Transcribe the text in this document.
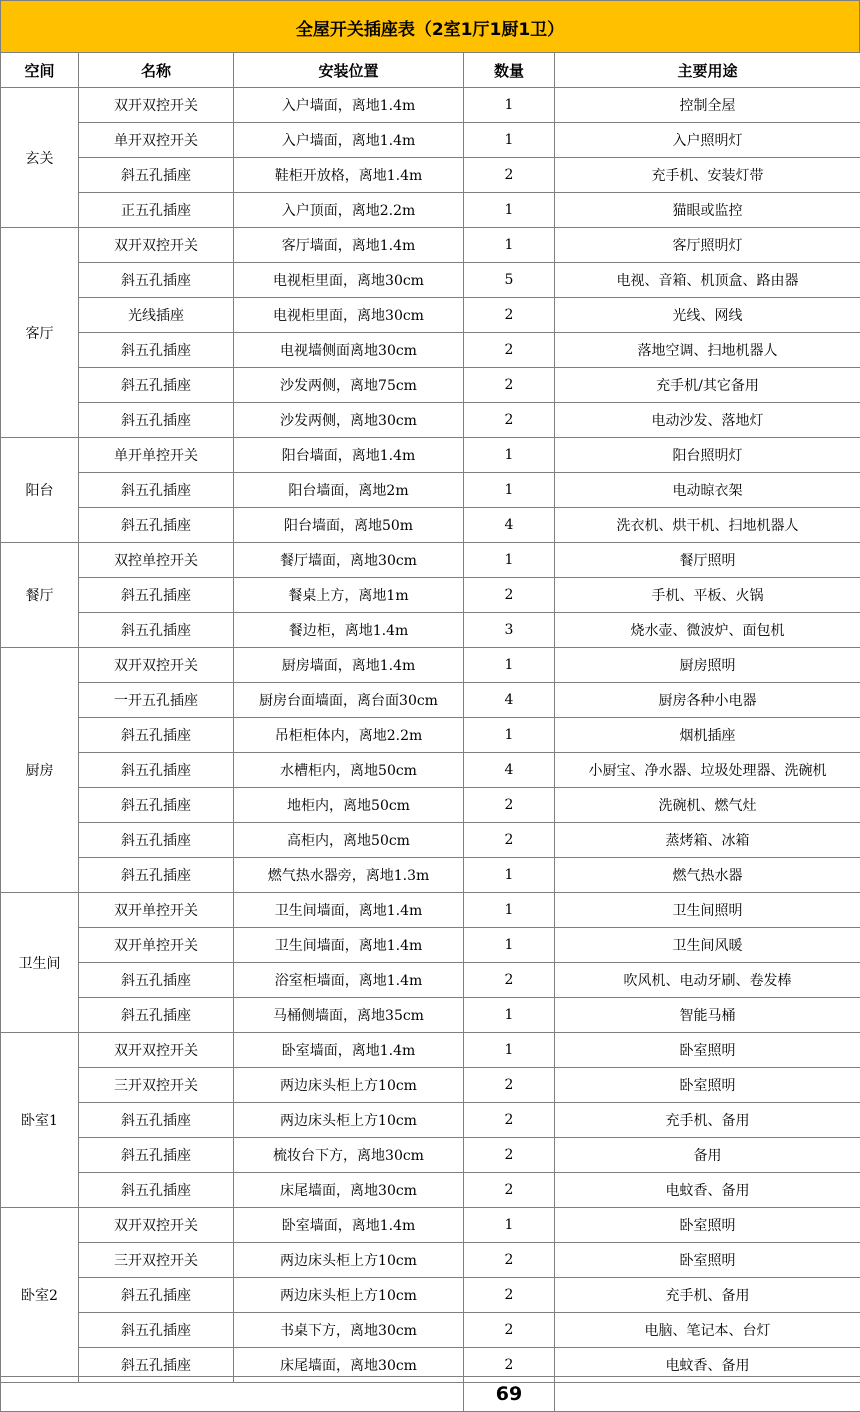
全屋开关插座表（2室1厅1厨1卫）
空间	名称	安装位置	数量	主要用途
玄关	双开双控开关	入户墙面，离地1.4m	1	控制全屋
	单开双控开关	入户墙面，离地1.4m	1	入户照明灯
	斜五孔插座	鞋柜开放格，离地1.4m	2	充手机、安装灯带
	正五孔插座	入户顶面，离地2.2m	1	猫眼或监控
客厅	双开双控开关	客厅墙面，离地1.4m	1	客厅照明灯
	斜五孔插座	电视柜里面，离地30cm	5	电视、音箱、机顶盒、路由器
	光线插座	电视柜里面，离地30cm	2	光线、网线
	斜五孔插座	电视墙侧面离地30cm	2	落地空调、扫地机器人
	斜五孔插座	沙发两侧，离地75cm	2	充手机/其它备用
	斜五孔插座	沙发两侧，离地30cm	2	电动沙发、落地灯
阳台	单开单控开关	阳台墙面，离地1.4m	1	阳台照明灯
	斜五孔插座	阳台墙面，离地2m	1	电动晾衣架
	斜五孔插座	阳台墙面，离地50m	4	洗衣机、烘干机、扫地机器人
餐厅	双控单控开关	餐厅墙面，离地30cm	1	餐厅照明
	斜五孔插座	餐桌上方，离地1m	2	手机、平板、火锅
	斜五孔插座	餐边柜，离地1.4m	3	烧水壶、微波炉、面包机
厨房	双开双控开关	厨房墙面，离地1.4m	1	厨房照明
	一开五孔插座	厨房台面墙面，离台面30cm	4	厨房各种小电器
	斜五孔插座	吊柜柜体内，离地2.2m	1	烟机插座
	斜五孔插座	水槽柜内，离地50cm	4	小厨宝、净水器、垃圾处理器、洗碗机
	斜五孔插座	地柜内，离地50cm	2	洗碗机、燃气灶
	斜五孔插座	高柜内，离地50cm	2	蒸烤箱、冰箱
	斜五孔插座	燃气热水器旁，离地1.3m	1	燃气热水器
卫生间	双开单控开关	卫生间墙面，离地1.4m	1	卫生间照明
	双开单控开关	卫生间墙面，离地1.4m	1	卫生间风暖
	斜五孔插座	浴室柜墙面，离地1.4m	2	吹风机、电动牙刷、卷发棒
	斜五孔插座	马桶侧墙面，离地35cm	1	智能马桶
卧室1	双开双控开关	卧室墙面，离地1.4m	1	卧室照明
	三开双控开关	两边床头柜上方10cm	2	卧室照明
	斜五孔插座	两边床头柜上方10cm	2	充手机、备用
	斜五孔插座	梳妆台下方，离地30cm	2	备用
	斜五孔插座	床尾墙面，离地30cm	2	电蚊香、备用
卧室2	双开双控开关	卧室墙面，离地1.4m	1	卧室照明
	三开双控开关	两边床头柜上方10cm	2	卧室照明
	斜五孔插座	两边床头柜上方10cm	2	充手机、备用
	斜五孔插座	书桌下方，离地30cm	2	电脑、笔记本、台灯
	斜五孔插座	床尾墙面，离地30cm	2	电蚊香、备用
	69	
